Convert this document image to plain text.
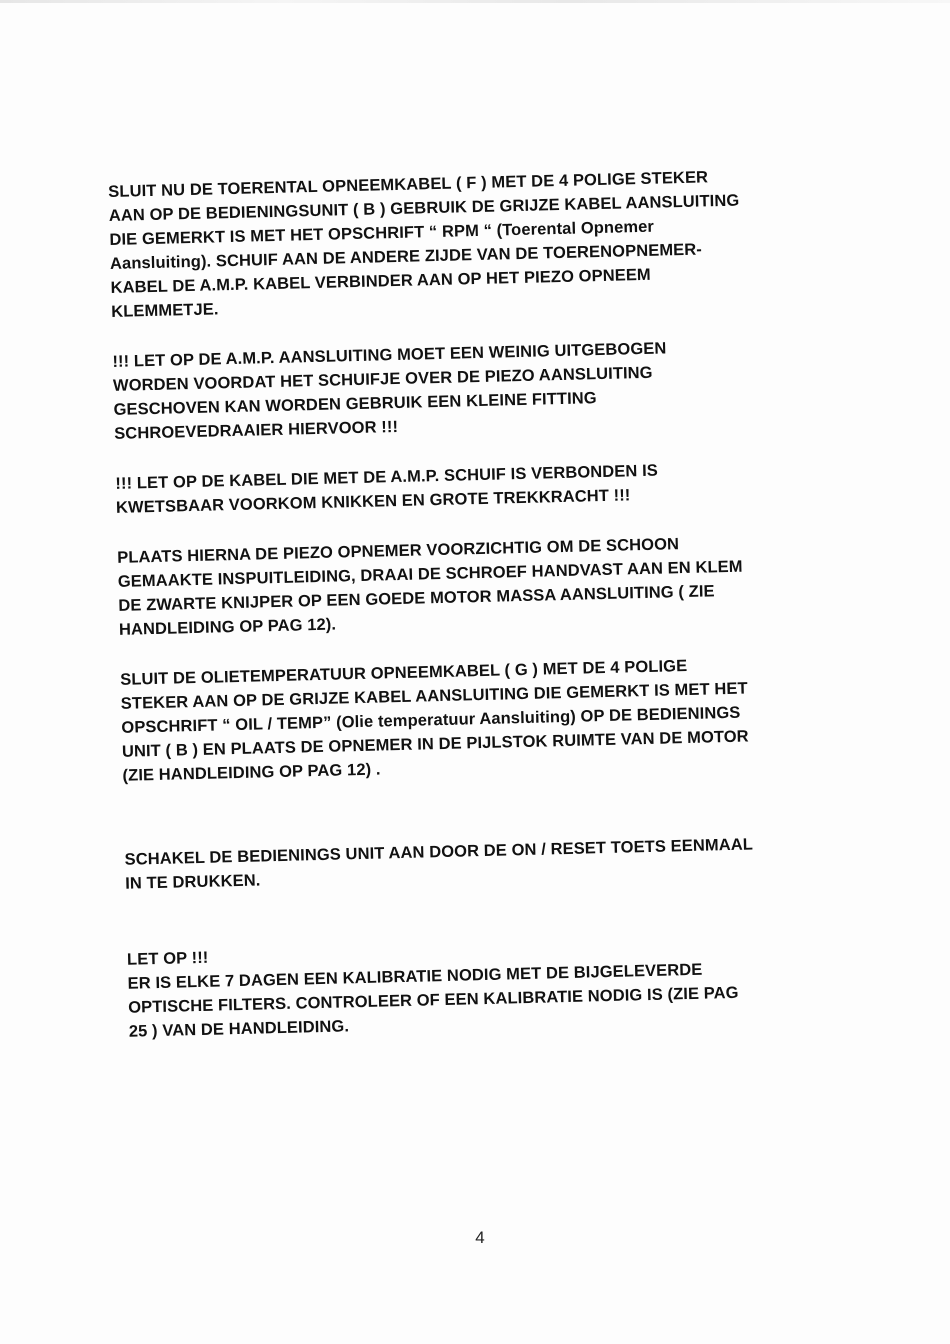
SLUIT NU DE TOERENTAL OPNEEMKABEL ( F ) MET DE 4 POLIGE STEKER
AAN OP DE BEDIENINGSUNIT ( B ) GEBRUIK DE GRIJZE KABEL AANSLUITING
DIE GEMERKT IS MET HET OPSCHRIFT “ RPM “ (Toerental Opnemer
Aansluiting). SCHUIF AAN DE ANDERE ZIJDE VAN DE TOERENOPNEMER-
KABEL DE A.M.P. KABEL VERBINDER AAN OP HET PIEZO OPNEEM
KLEMMETJE.

!!! LET OP DE A.M.P. AANSLUITING MOET EEN WEINIG UITGEBOGEN
WORDEN VOORDAT HET SCHUIFJE OVER DE PIEZO AANSLUITING
GESCHOVEN KAN WORDEN GEBRUIK EEN KLEINE FITTING
SCHROEVEDRAAIER HIERVOOR !!!

!!! LET OP DE KABEL DIE MET DE A.M.P. SCHUIF IS VERBONDEN IS
KWETSBAAR VOORKOM KNIKKEN EN GROTE TREKKRACHT !!!

PLAATS HIERNA DE PIEZO OPNEMER VOORZICHTIG OM DE SCHOON
GEMAAKTE INSPUITLEIDING, DRAAI DE SCHROEF HANDVAST AAN EN KLEM
DE ZWARTE KNIJPER OP EEN GOEDE MOTOR MASSA AANSLUITING ( ZIE
HANDLEIDING OP PAG 12).

SLUIT DE OLIETEMPERATUUR OPNEEMKABEL ( G ) MET DE 4 POLIGE
STEKER AAN OP DE GRIJZE KABEL AANSLUITING DIE GEMERKT IS MET HET
OPSCHRIFT “ OIL / TEMP” (Olie temperatuur Aansluiting) OP DE BEDIENINGS
UNIT ( B ) EN PLAATS DE OPNEMER IN DE PIJLSTOK RUIMTE VAN DE MOTOR
(ZIE HANDLEIDING OP PAG 12) .

SCHAKEL DE BEDIENINGS UNIT AAN DOOR DE ON / RESET TOETS EENMAAL
IN TE DRUKKEN.

LET OP !!!
ER IS ELKE 7 DAGEN EEN KALIBRATIE NODIG MET DE BIJGELEVERDE
OPTISCHE FILTERS. CONTROLEER OF EEN KALIBRATIE NODIG IS (ZIE PAG
25 ) VAN DE HANDLEIDING.

4
